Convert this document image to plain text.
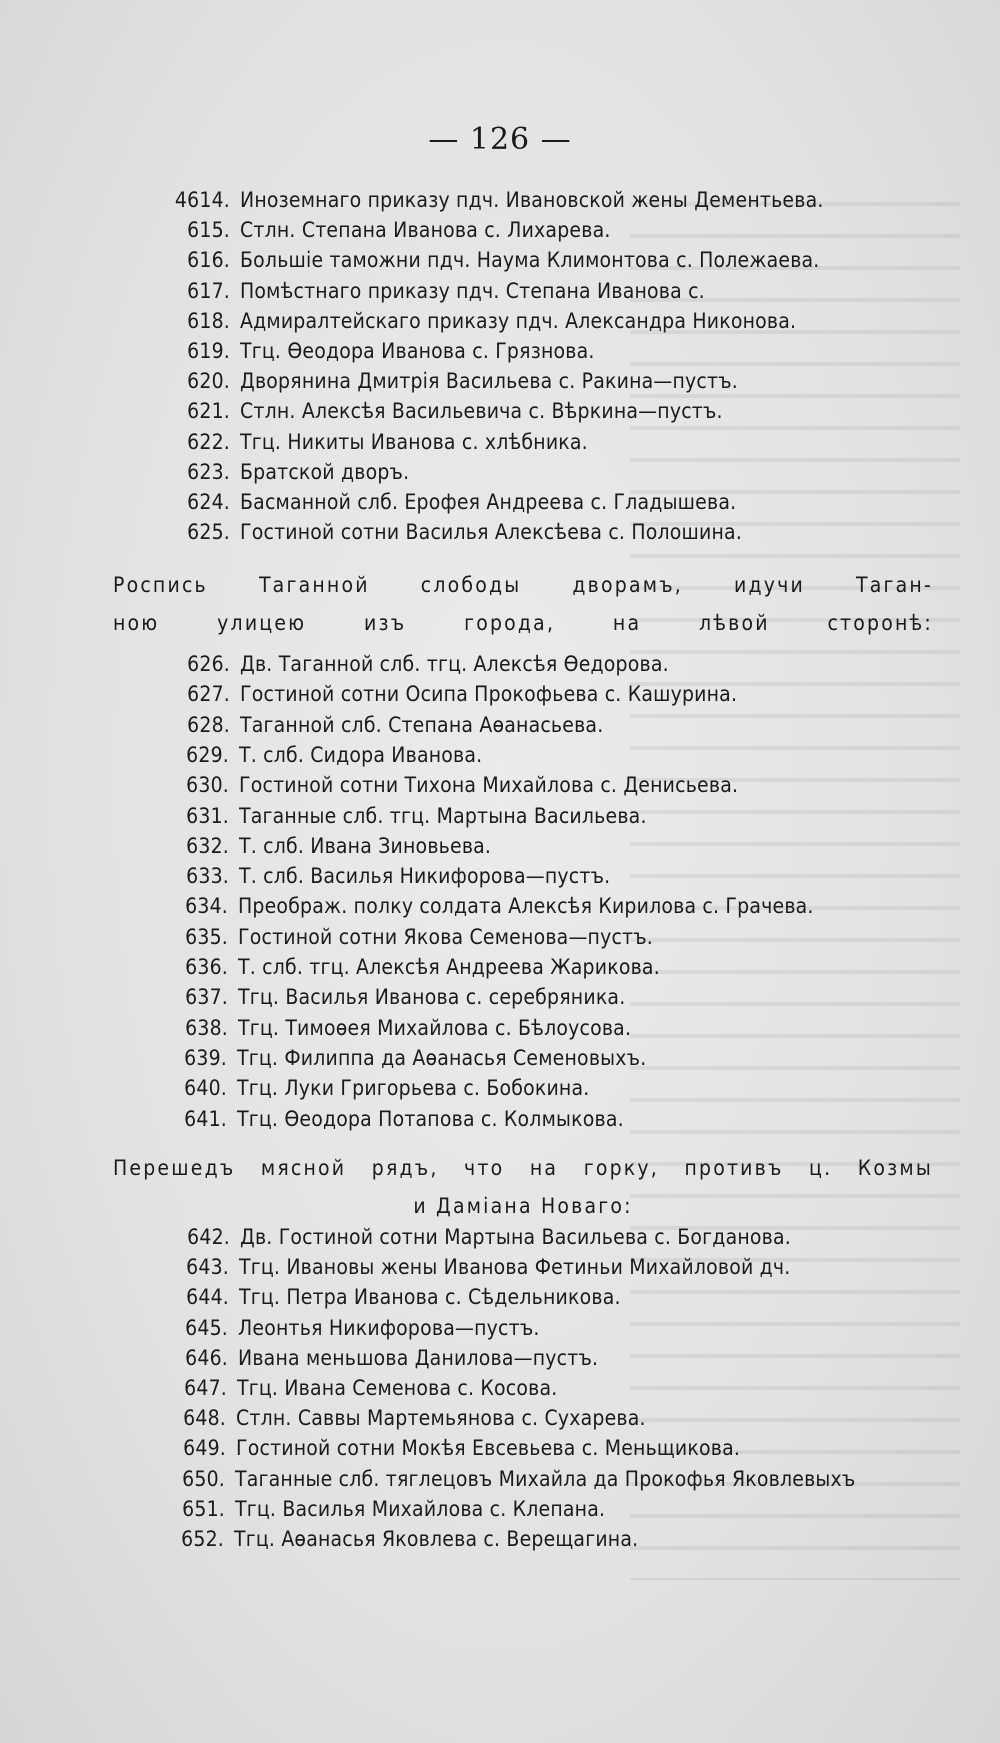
— 126 —
4614. Иноземнаго приказу пдч. Ивановской жены Дементьева.
615. Стлн. Степана Иванова с. Лихарева.
616. Большіе таможни пдч. Наума Климонтова с. Полежаева.
617. Помѣстнаго приказу пдч. Степана Иванова с.
618. Адмиралтейскаго приказу пдч. Александра Никонова.
619. Тгц. Ѳеодора Иванова с. Грязнова.
620. Дворянина Дмитрія Васильева с. Ракина—пустъ.
621. Стлн. Алексѣя Васильевича с. Вѣркина—пустъ.
622. Тгц. Никиты Иванова с. хлѣбника.
623. Братской дворъ.
624. Басманной слб. Ерофея Андреева с. Гладышева.
625. Гостиной сотни Василья Алексѣева с. Полошина.
Роспись Таганной слободы дворамъ, идучи Таган-
ною улицею изъ города, на лѣвой сторонѣ:
626. Дв. Таганной слб. тгц. Алексѣя Ѳедорова.
627. Гостиной сотни Осипа Прокофьева с. Кашурина.
628. Таганной слб. Степана Аѳанасьева.
629. Т. слб. Сидора Иванова.
630. Гостиной сотни Тихона Михайлова с. Денисьева.
631. Таганные слб. тгц. Мартына Васильева.
632. Т. слб. Ивана Зиновьева.
633. Т. слб. Василья Никифорова—пустъ.
634. Преображ. полку солдата Алексѣя Кирилова с. Грачева.
635. Гостиной сотни Якова Семенова—пустъ.
636. Т. слб. тгц. Алексѣя Андреева Жарикова.
637. Тгц. Василья Иванова с. серебряника.
638. Тгц. Тимоѳея Михайлова с. Бѣлоусова.
639. Тгц. Филиппа да Аѳанасья Семеновыхъ.
640. Тгц. Луки Григорьева с. Бобокина.
641. Тгц. Ѳеодора Потапова с. Колмыкова.
Перешедъ мясной рядъ, что на горку, противъ ц. Козмы
и Даміана Новаго:
642. Дв. Гостиной сотни Мартына Васильева с. Богданова.
643. Тгц. Ивановы жены Иванова Фетиньи Михайловой дч.
644. Тгц. Петра Иванова с. Сѣдельникова.
645. Леонтья Никифорова—пустъ.
646. Ивана меньшова Данилова—пустъ.
647. Тгц. Ивана Семенова с. Косова.
648. Стлн. Саввы Мартемьянова с. Сухарева.
649. Гостиной сотни Мокѣя Евсевьева с. Меньщикова.
650. Таганные слб. тяглецовъ Михайла да Прокофья Яковлевыхъ
651. Тгц. Василья Михайлова с. Клепана.
652. Тгц. Аѳанасья Яковлева с. Верещагина.
